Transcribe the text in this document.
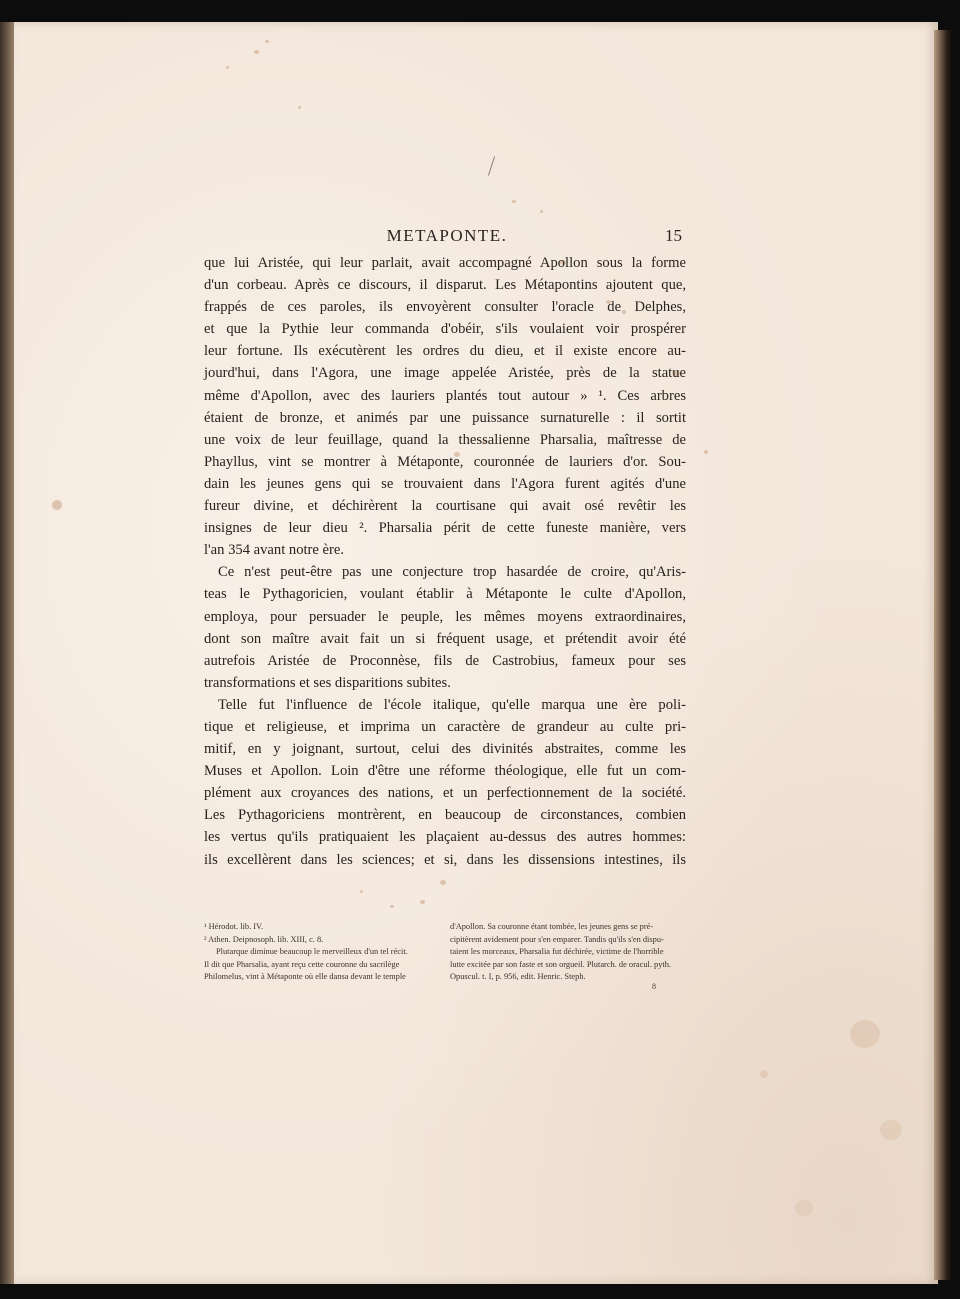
METAPONTE.	15
que lui Aristée, qui leur parlait, avait accompagné Apollon sous la forme
d'un corbeau. Après ce discours, il disparut. Les Métapontins ajoutent que,
frappés de ces paroles, ils envoyèrent consulter l'oracle de Delphes,
et que la Pythie leur commanda d'obéir, s'ils voulaient voir prospérer
leur fortune. Ils exécutèrent les ordres du dieu, et il existe encore au-
jourd'hui, dans l'Agora, une image appelée Aristée, près de la statue
même d'Apollon, avec des lauriers plantés tout autour » ¹. Ces arbres
étaient de bronze, et animés par une puissance surnaturelle : il sortit
une voix de leur feuillage, quand la thessalienne Pharsalia, maîtresse de
Phayllus, vint se montrer à Métaponte, couronnée de lauriers d'or. Sou-
dain les jeunes gens qui se trouvaient dans l'Agora furent agités d'une
fureur divine, et déchirèrent la courtisane qui avait osé revêtir les
insignes de leur dieu ². Pharsalia périt de cette funeste manière, vers
l'an 354 avant notre ère.
Ce n'est peut-être pas une conjecture trop hasardée de croire, qu'Aris-
teas le Pythagoricien, voulant établir à Métaponte le culte d'Apollon,
employa, pour persuader le peuple, les mêmes moyens extraordinaires,
dont son maître avait fait un si fréquent usage, et prétendit avoir été
autrefois Aristée de Proconnèse, fils de Castrobius, fameux pour ses
transformations et ses disparitions subites.
Telle fut l'influence de l'école italique, qu'elle marqua une ère poli-
tique et religieuse, et imprima un caractère de grandeur au culte pri-
mitif, en y joignant, surtout, celui des divinités abstraites, comme les
Muses et Apollon. Loin d'être une réforme théologique, elle fut un com-
plément aux croyances des nations, et un perfectionnement de la société.
Les Pythagoriciens montrèrent, en beaucoup de circonstances, combien
les vertus qu'ils pratiquaient les plaçaient au-dessus des autres hommes:
ils excellèrent dans les sciences; et si, dans les dissensions intestines, ils
¹ Hérodot. lib. IV.
² Athen. Deipnosoph. lib. XIII, c. 8.
Plutarque diminue beaucoup le merveilleux d'un tel récit.
Il dit que Pharsalia, ayant reçu cette couronne du sacrilège
Philomelus, vint à Métaponte où elle dansa devant le temple
d'Apollon. Sa couronne étant tombée, les jeunes gens se pré-
cipitèrent avidement pour s'en emparer. Tandis qu'ils s'en dispu-
taient les morceaux, Pharsalia fut déchirée, victime de l'horrible
lutte excitée par son faste et son orgueil. Plutarch. de oracul. pyth.
Opuscul. t. I, p. 956, edit. Henric. Steph.
8
